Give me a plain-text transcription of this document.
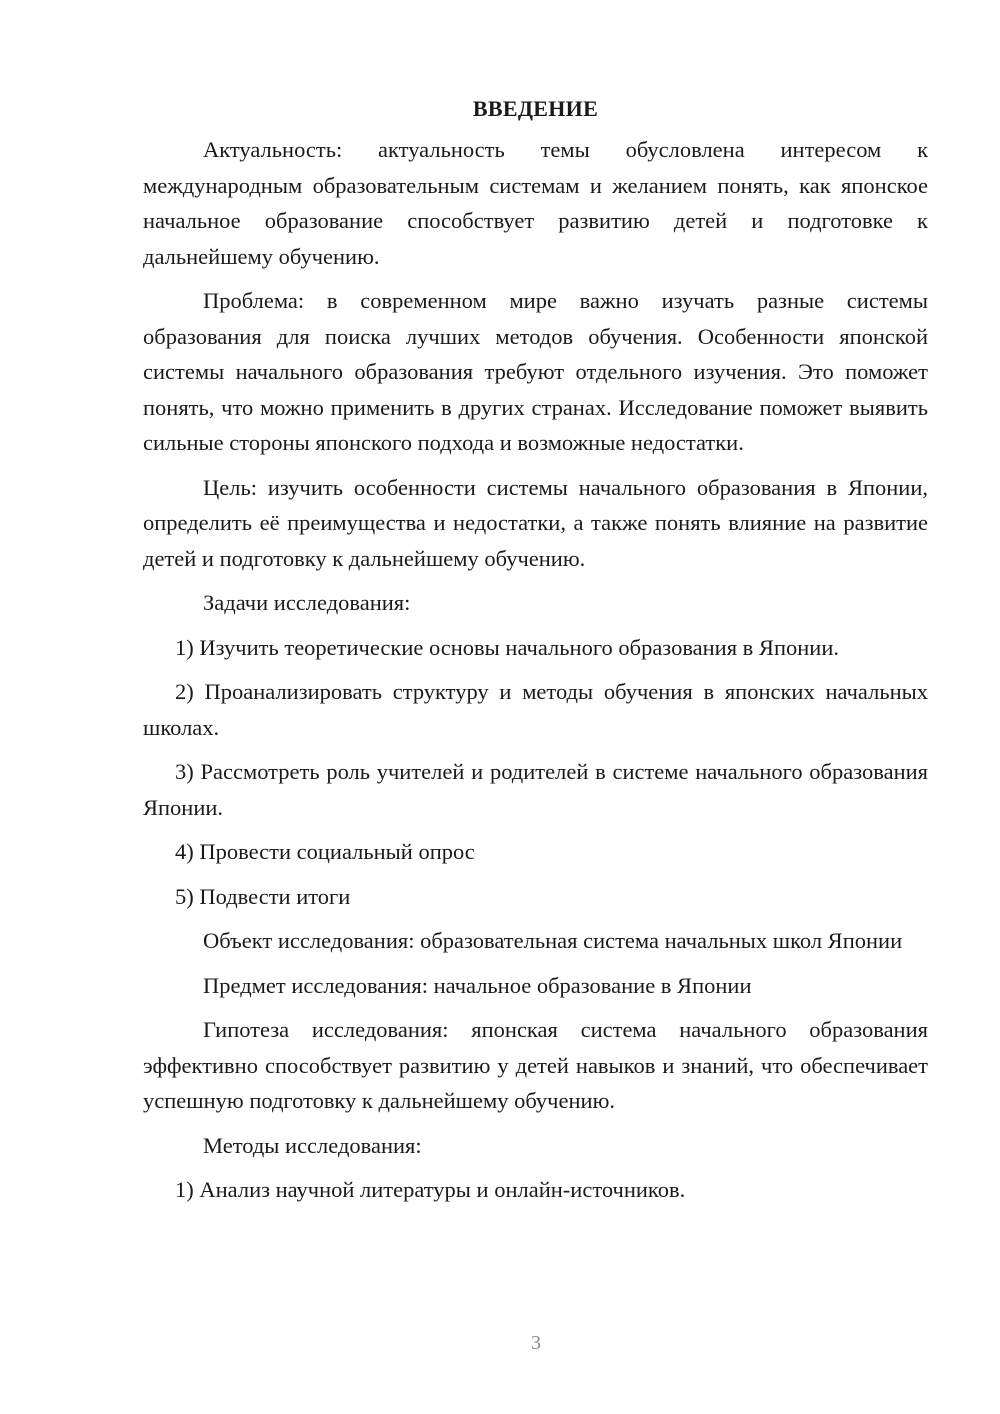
ВВЕДЕНИЕ

Актуальность: актуальность темы обусловлена интересом к международным образовательным системам и желанием понять, как японское начальное образование способствует развитию детей и подготовке к дальнейшему обучению.

Проблема: в современном мире важно изучать разные системы образования для поиска лучших методов обучения. Особенности японской системы начального образования требуют отдельного изучения. Это поможет понять, что можно применить в других странах. Исследование поможет выявить сильные стороны японского подхода и возможные недостатки.

Цель: изучить особенности системы начального образования в Японии, определить её преимущества и недостатки, а также понять влияние на развитие детей и подготовку к дальнейшему обучению.

Задачи исследования:

1) Изучить теоретические основы начального образования в Японии.

2) Проанализировать структуру и методы обучения в японских начальных школах.

3) Рассмотреть роль учителей и родителей в системе начального образования Японии.

4) Провести социальный опрос

5) Подвести итоги

Объект исследования: образовательная система начальных школ Японии

Предмет исследования: начальное образование в Японии

Гипотеза исследования: японская система начального образования эффективно способствует развитию у детей навыков и знаний, что обеспечивает успешную подготовку к дальнейшему обучению.

Методы исследования:

1) Анализ научной литературы и онлайн-источников.

3
